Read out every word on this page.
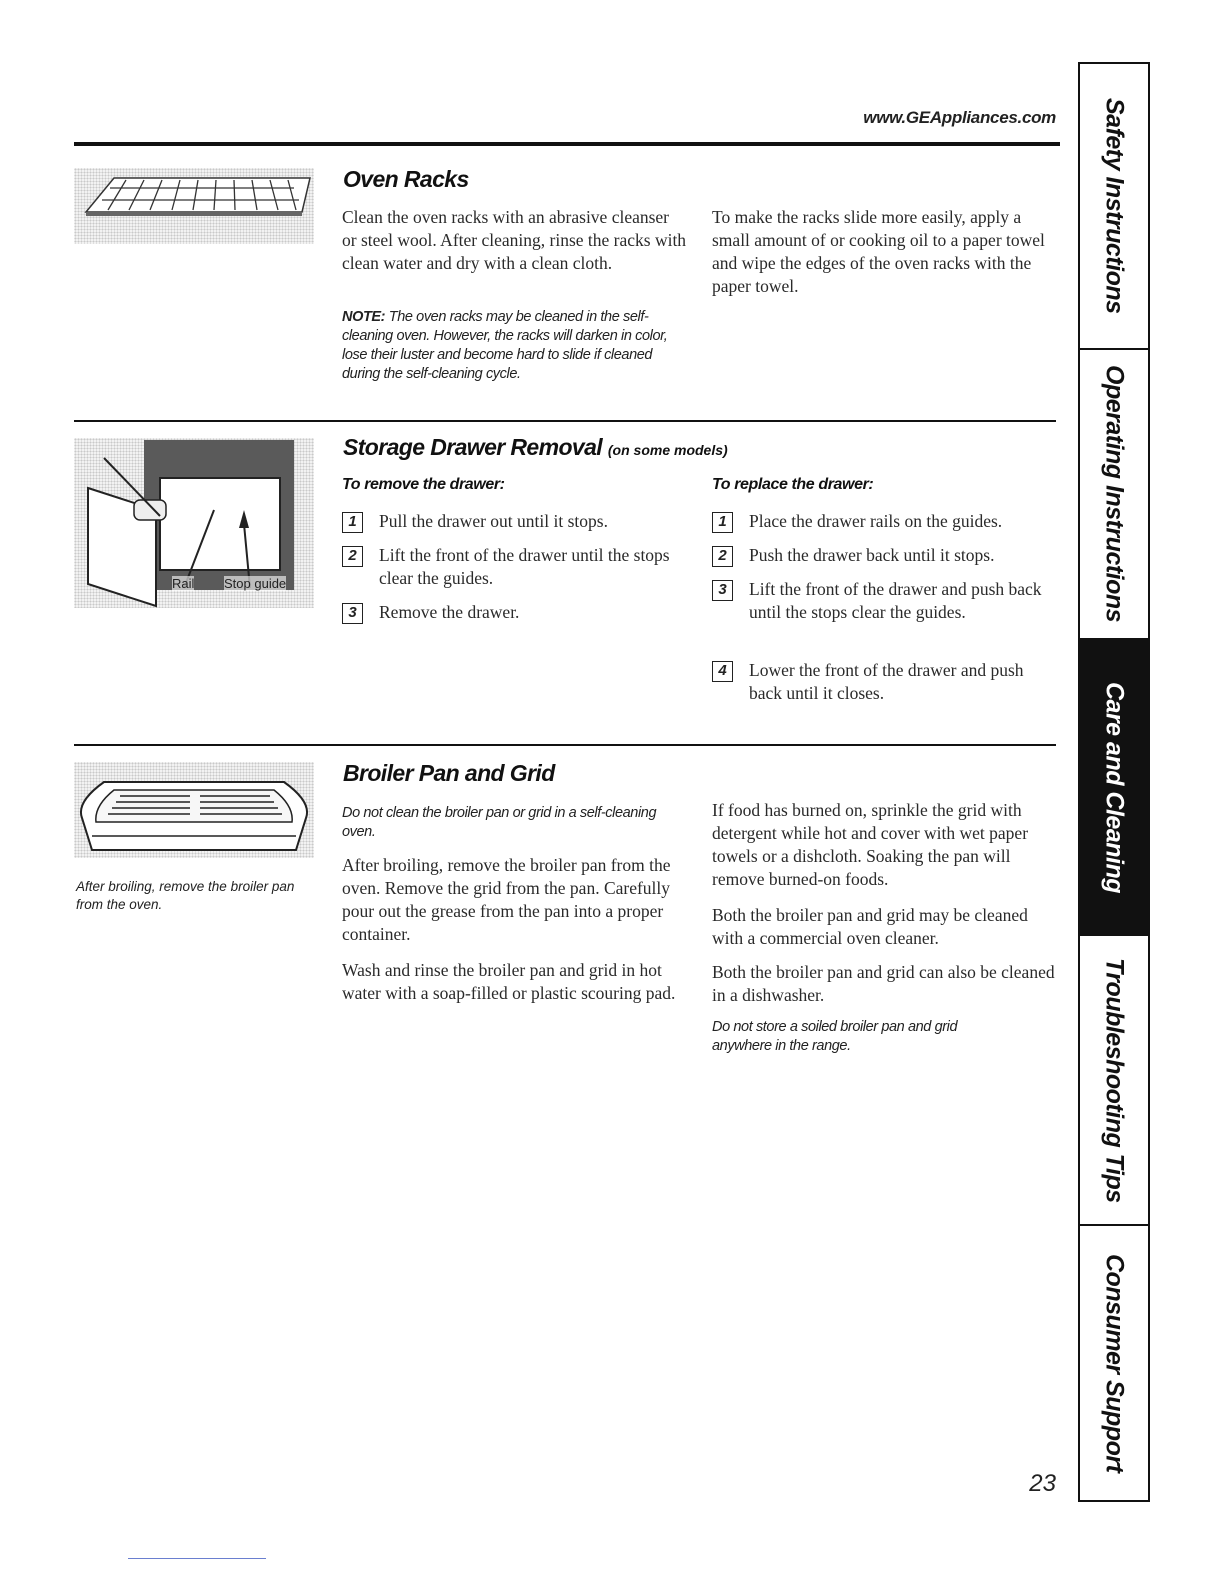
www.GEAppliances.com
Oven Racks

Clean the oven racks with an abrasive cleanser or steel wool. After cleaning, rinse the racks with clean water and dry with a clean cloth.

NOTE: The oven racks may be cleaned in the self-cleaning oven. However, the racks will darken in color, lose their luster and become hard to slide if cleaned during the self-cleaning cycle.

To make the racks slide more easily, apply a small amount of or cooking oil to a paper towel and wipe the edges of the oven racks with the paper towel.

Rail Stop guide
Storage Drawer Removal (on some models)
To remove the drawer:
1	Pull the drawer out until it stops.
2	Lift the front of the drawer until the stops clear the guides.
3	Remove the drawer.
To replace the drawer:
1	Place the drawer rails on the guides.
2	Push the drawer back until it stops.
3	Lift the front of the drawer and push back until the stops clear the guides.
4	Lower the front of the drawer and push back until it closes.
After broiling, remove the broiler pan from the oven.
Broiler Pan and Grid
Do not clean the broiler pan or grid in a self-cleaning oven.

After broiling, remove the broiler pan from the oven. Remove the grid from the pan. Carefully pour out the grease from the pan into a proper container.

Wash and rinse the broiler pan and grid in hot water with a soap-filled or plastic scouring pad.

If food has burned on, sprinkle the grid with detergent while hot and cover with wet paper towels or a dishcloth. Soaking the pan will remove burned-on foods.

Both the broiler pan and grid may be cleaned with a commercial oven cleaner.

Both the broiler pan and grid can also be cleaned in a dishwasher.

Do not store a soiled broiler pan and grid anywhere in the range.
Safety Instructions
Operating Instructions
Care and Cleaning
Troubleshooting Tips
Consumer Support
23
